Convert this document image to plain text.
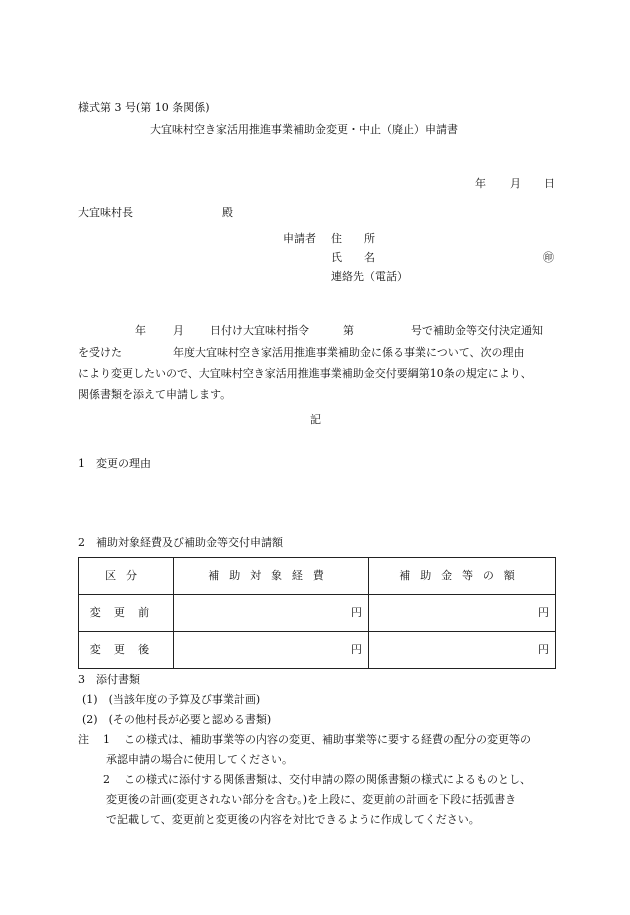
様式第 3 号(第 10 条関係)
大宜味村空き家活用推進事業補助金変更・中止（廃止）申請書
年 月 日
大宜味村長	殿
申請者 住　　所
氏　　名	㊞
連絡先（電話）
年 月 日付け大宜味村指令	第	号で補助金等交付決定通知
を受けた	年度大宜味村空き家活用推進事業補助金に係る事業について、次の理由
により変更したいので、大宜味村空き家活用推進事業補助金交付要綱第10条の規定により、
関係書類を添えて申請します。
記
1　変更の理由
2　補助対象経費及び補助金等交付申請額
区分	補助対象経費	補助金等の額
変更前	円	円
変更後	円	円
3　添付書類
(1)　(当該年度の予算及び事業計画)
(2)　(その他村長が必要と認める書類)
注 1 この様式は、補助事業等の内容の変更、補助事業等に要する経費の配分の変更等の
承認申請の場合に使用してください。
2 この様式に添付する関係書類は、交付申請の際の関係書類の様式によるものとし、
変更後の計画(変更されない部分を含む。)を上段に、変更前の計画を下段に括弧書き
で記載して、変更前と変更後の内容を対比できるように作成してください。
